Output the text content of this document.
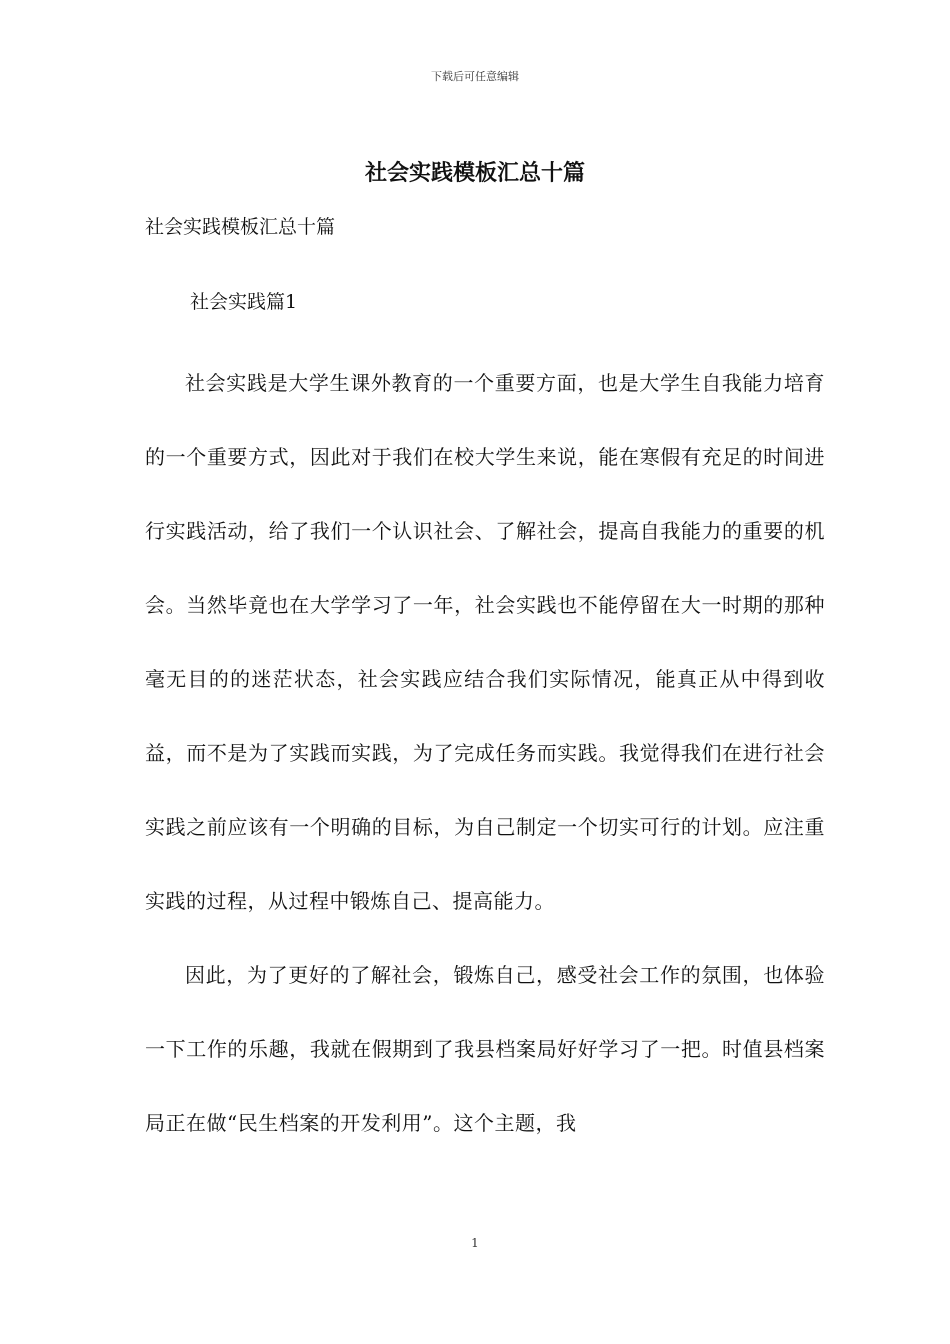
下载后可任意编辑
社会实践模板汇总十篇

社会实践模板汇总十篇

社会实践篇1

社会实践是大学生课外教育的一个重要方面，也是大学生自我能力培育的一个重要方式，因此对于我们在校大学生来说，能在寒假有充足的时间进行实践活动，给了我们一个认识社会、了解社会，提高自我能力的重要的机会。当然毕竟也在大学学习了一年，社会实践也不能停留在大一时期的那种毫无目的的迷茫状态，社会实践应结合我们实际情况，能真正从中得到收益，而不是为了实践而实践，为了完成任务而实践。我觉得我们在进行社会实践之前应该有一个明确的目标，为自己制定一个切实可行的计划。应注重实践的过程，从过程中锻炼自己、提高能力。

因此，为了更好的了解社会，锻炼自己，感受社会工作的氛围，也体验一下工作的乐趣，我就在假期到了我县档案局好好学习了一把。时值县档案局正在做“民生档案的开发利用”。这个主题，我

1
